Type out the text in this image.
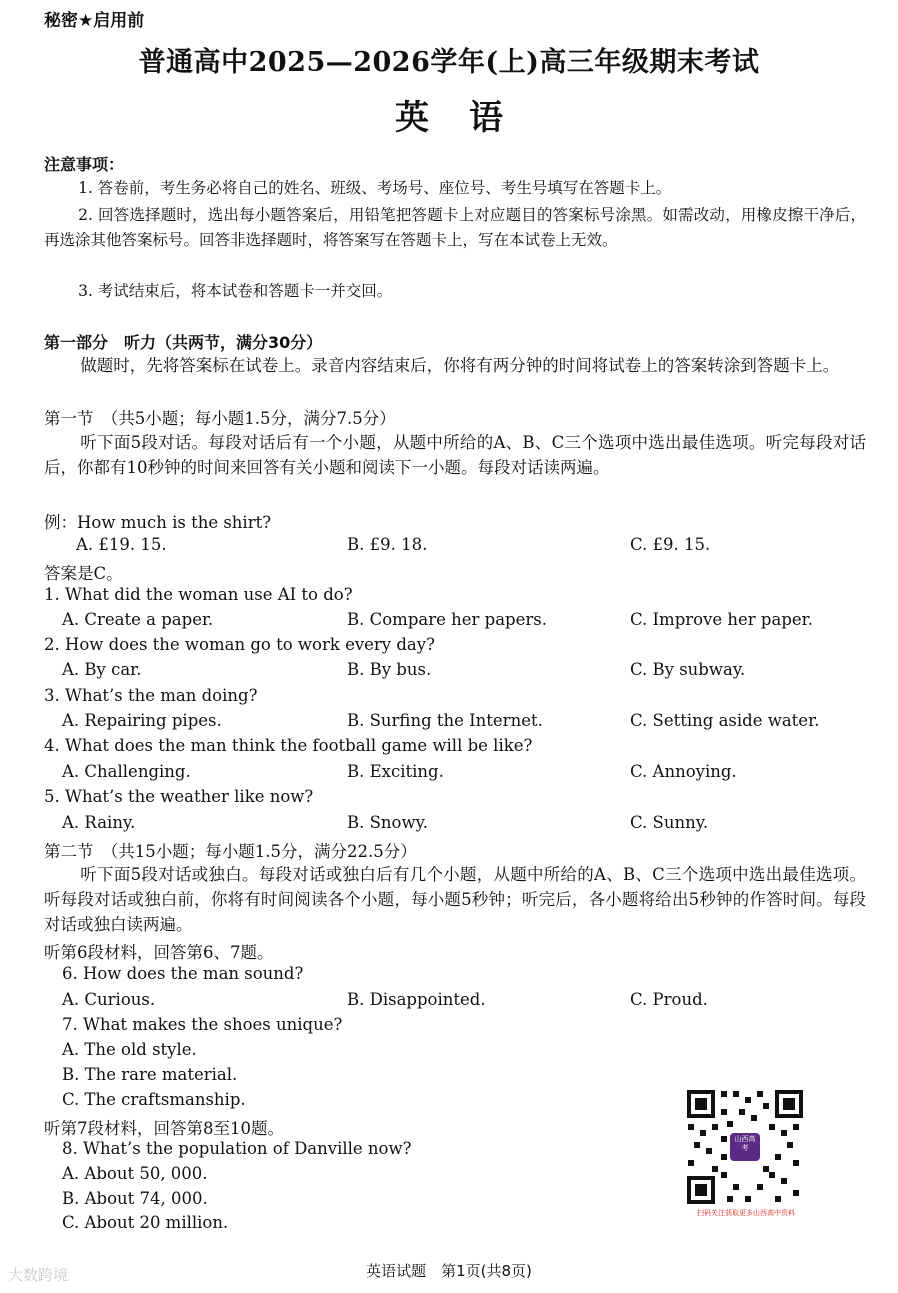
秘密★启用前
普通高中2025—2026学年(上)高三年级期末考试
英语
注意事项：
1. 答卷前，考生务必将自己的姓名、班级、考场号、座位号、考生号填写在答题卡上。
2. 回答选择题时，选出每小题答案后，用铅笔把答题卡上对应题目的答案标号涂黑。如需改动，用橡皮擦干净后，再选涂其他答案标号。回答非选择题时，将答案写在答题卡上，写在本试卷上无效。
3. 考试结束后，将本试卷和答题卡一并交回。
第一部分　听力（共两节，满分30分）
做题时，先将答案标在试卷上。录音内容结束后，你将有两分钟的时间将试卷上的答案转涂到答题卡上。
第一节　（共5小题；每小题1.5分，满分7.5分）
听下面5段对话。每段对话后有一个小题，从题中所给的A、B、C三个选项中选出最佳选项。听完每段对话后，你都有10秒钟的时间来回答有关小题和阅读下一小题。每段对话读两遍。
例：How much is the shirt?
A. £19. 15.	B. £9. 18.	C. £9. 15.
答案是C。
1. What did the woman use AI to do?
A. Create a paper.	B. Compare her papers.	C. Improve her paper.
2. How does the woman go to work every day?
A. By car.	B. By bus.	C. By subway.
3. What’s the man doing?
A. Repairing pipes.	B. Surfing the Internet.	C. Setting aside water.
4. What does the man think the football game will be like?
A. Challenging.	B. Exciting.	C. Annoying.
5. What’s the weather like now?
A. Rainy.	B. Snowy.	C. Sunny.
第二节　（共15小题；每小题1.5分，满分22.5分）
听下面5段对话或独白。每段对话或独白后有几个小题，从题中所给的A、B、C三个选项中选出最佳选项。听每段对话或独白前，你将有时间阅读各个小题，每小题5秒钟；听完后，各小题将给出5秒钟的作答时间。每段对话或独白读两遍。
听第6段材料，回答第6、7题。
6. How does the man sound?
A. Curious.	B. Disappointed.	C. Proud.
7. What makes the shoes unique?
A. The old style.
B. The rare material.
C. The craftsmanship.
听第7段材料，回答第8至10题。
8. What’s the population of Danville now?
A. About 50, 000.
B. About 74, 000.
C. About 20 million.
山西高考
扫码关注获取更多山西高中资料
英语试题　第1页(共8页)
大数跨境
